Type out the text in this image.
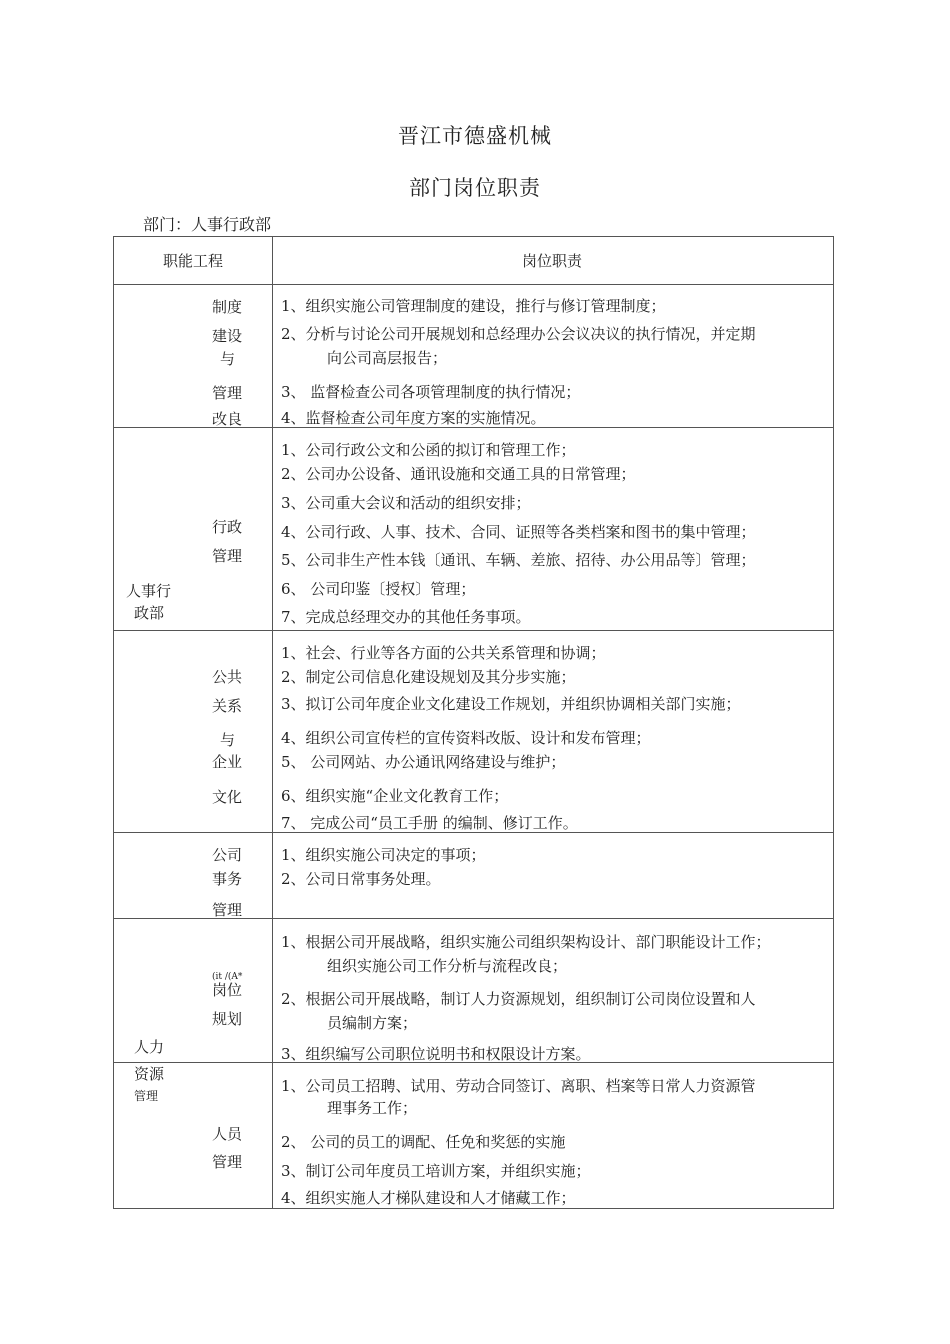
晋江市德盛机械
部门岗位职责
部门：人事行政部
职能工程	岗位职责
人事行
政部
人力
资源
管理
制度
建设
与
管理
改良
1、组织实施公司管理制度的建设，推行与修订管理制度；
2、分析与讨论公司开展规划和总经理办公会议决议的执行情况，并定期
向公司高层报告；
3、 监督检查公司各项管理制度的执行情况；
4、监督检查公司年度方案的实施情况。
行政
管理
1、公司行政公文和公函的拟订和管理工作；
2、公司办公设备、通讯设施和交通工具的日常管理；
3、公司重大会议和活动的组织安排；
4、公司行政、人事、技术、合同、证照等各类档案和图书的集中管理；
5、公司非生产性本钱〔通讯、车辆、差旅、招待、办公用品等〕管理；
6、 公司印鉴〔授权〕管理；
7、完成总经理交办的其他任务事项。
公共
关系
与
企业
文化
1、社会、行业等各方面的公共关系管理和协调；
2、制定公司信息化建设规划及其分步实施；
3、拟订公司年度企业文化建设工作规划，并组织协调相关部门实施；
4、组织公司宣传栏的宣传资料改版、设计和发布管理；
5、 公司网站、办公通讯网络建设与维护；
6、组织实施“企业文化教育工作；
7、 完成公司“员工手册 的编制、修订工作。
公司
事务
管理
1、组织实施公司决定的事项；
2、公司日常事务处理。
(it /(A*
岗位
规划
1、根据公司开展战略，组织实施公司组织架构设计、部门职能设计工作；
组织实施公司工作分析与流程改良；
2、根据公司开展战略，制订人力资源规划，组织制订公司岗位设置和人
员编制方案；
3、组织编写公司职位说明书和权限设计方案。
人员
管理
1、公司员工招聘、试用、劳动合同签订、离职、档案等日常人力资源管
理事务工作；
2、 公司的员工的调配、任免和奖惩的实施
3、制订公司年度员工培训方案，并组织实施；
4、组织实施人才梯队建设和人才储藏工作；
